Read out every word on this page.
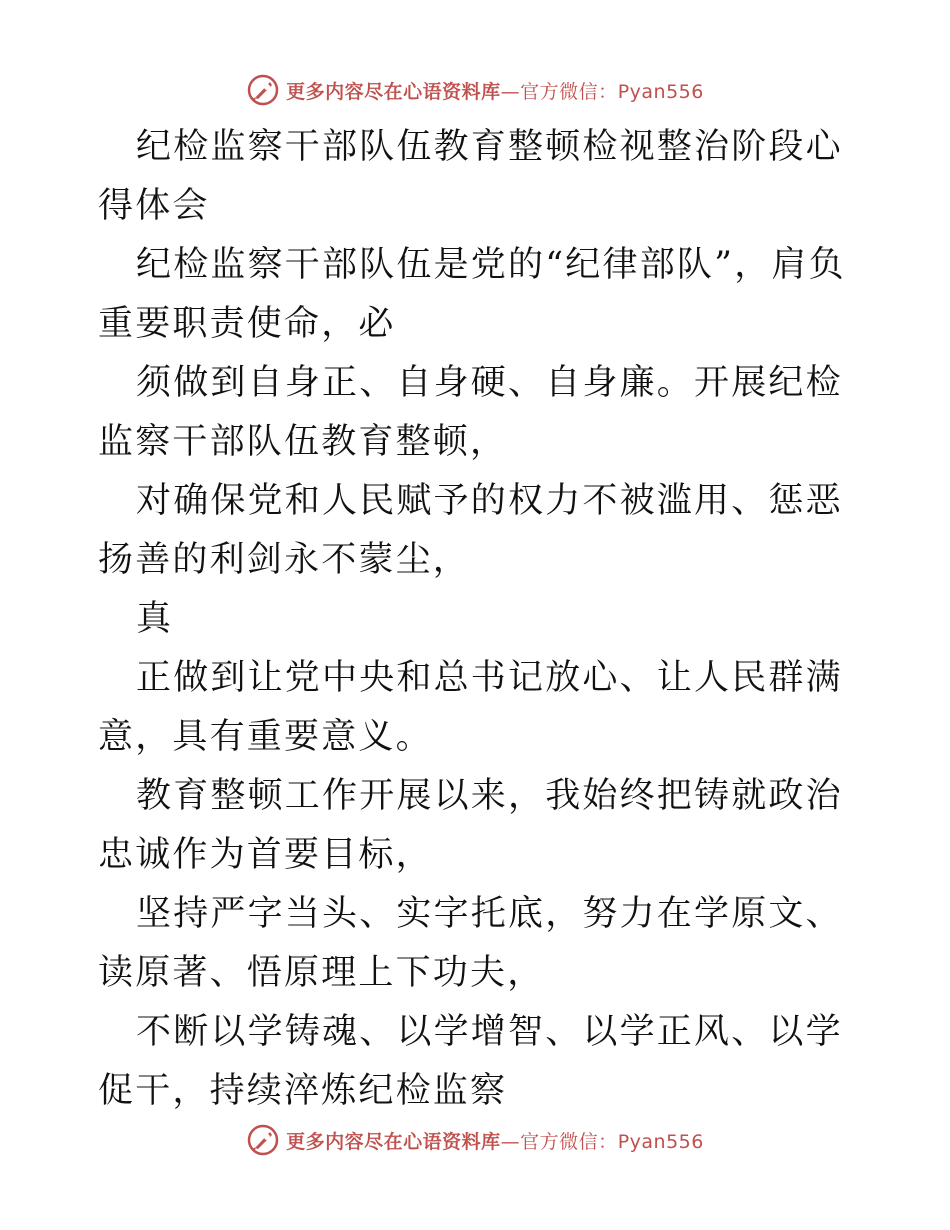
更多内容尽在心语资料库—官方微信：Pyan556

纪检监察干部队伍教育整顿检视整治阶段心得体会

纪检监察干部队伍是党的“纪律部队”，肩负重要职责使命，必

须做到自身正、自身硬、自身廉。开展纪检监察干部队伍教育整顿，

对确保党和人民赋予的权力不被滥用、惩恶扬善的利剑永不蒙尘，

真

正做到让党中央和总书记放心、让人民群满意，具有重要意义。

教育整顿工作开展以来，我始终把铸就政治忠诚作为首要目标，

坚持严字当头、实字托底，努力在学原文、读原著、悟原理上下功夫，

不断以学铸魂、以学增智、以学正风、以学促干，持续淬炼纪检监察

更多内容尽在心语资料库—官方微信：Pyan556
